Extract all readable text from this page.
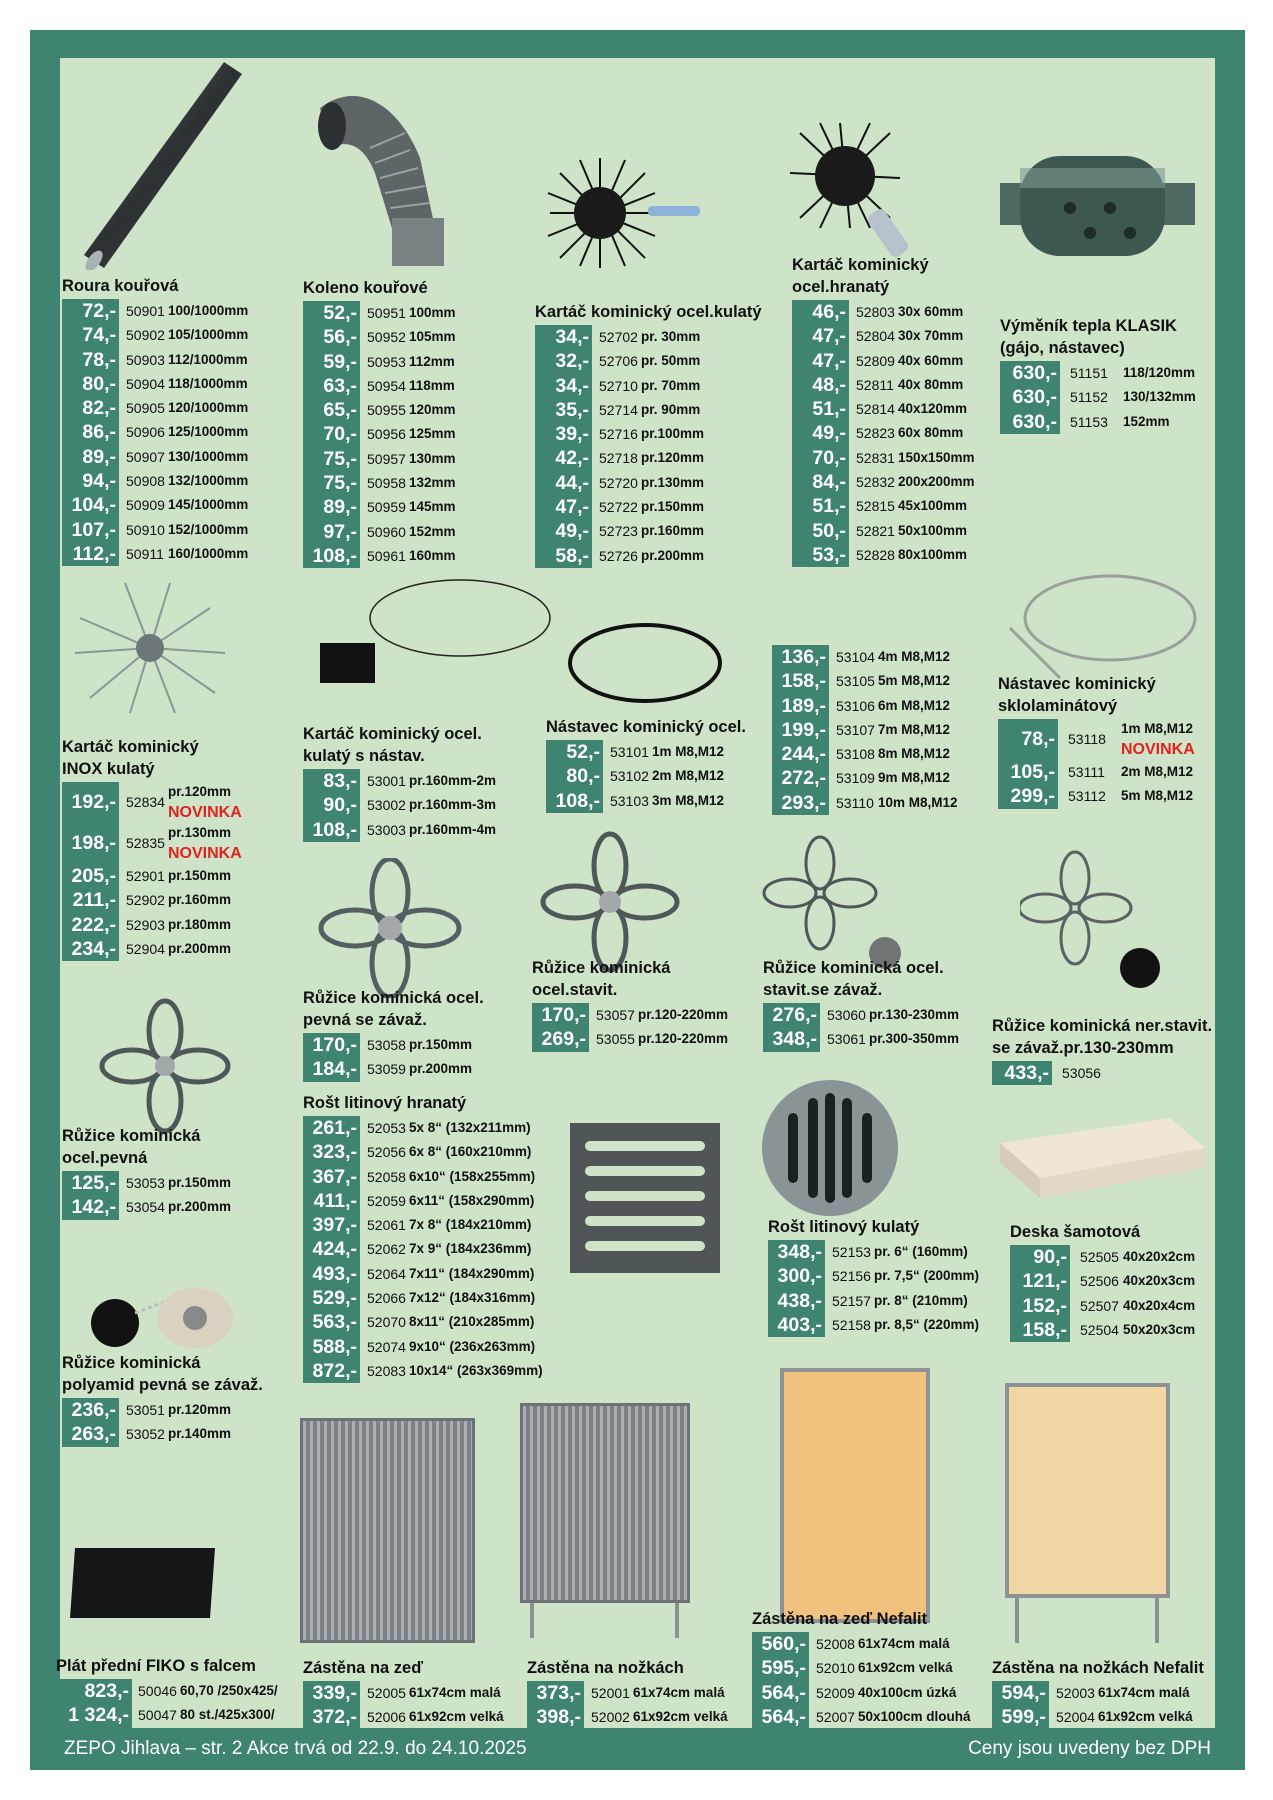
Roura kouřová
72,- 50901 100/1000mm
74,- 50902 105/1000mm
78,- 50903 112/1000mm
80,- 50904 118/1000mm
82,- 50905 120/1000mm
86,- 50906 125/1000mm
89,- 50907 130/1000mm
94,- 50908 132/1000mm
104,- 50909 145/1000mm
107,- 50910 152/1000mm
112,- 50911 160/1000mm
Koleno kouřové
52,- 50951 100mm
56,- 50952 105mm
59,- 50953 112mm
63,- 50954 118mm
65,- 50955 120mm
70,- 50956 125mm
75,- 50957 130mm
75,- 50958 132mm
89,- 50959 145mm
97,- 50960 152mm
108,- 50961 160mm
Kartáč kominický ocel.kulatý
34,- 52702 pr. 30mm
32,- 52706 pr. 50mm
34,- 52710 pr. 70mm
35,- 52714 pr. 90mm
39,- 52716 pr.100mm
42,- 52718 pr.120mm
44,- 52720 pr.130mm
47,- 52722 pr.150mm
49,- 52723 pr.160mm
58,- 52726 pr.200mm
Kartáč kominický
ocel.hranatý
46,- 52803 30x 60mm
47,- 52804 30x 70mm
47,- 52809 40x 60mm
48,- 52811 40x 80mm
51,- 52814 40x120mm
49,- 52823 60x 80mm
70,- 52831 150x150mm
84,- 52832 200x200mm
51,- 52815 45x100mm
50,- 52821 50x100mm
53,- 52828 80x100mm
Výměník tepla KLASIK
(gájo, nástavec)
630,- 51151 118/120mm
630,- 51152 130/132mm
630,- 51153 152mm
Kartáč kominický
INOX kulatý
192,- 52834
pr.120mm
NOVINKA
198,- 52835
pr.130mm
NOVINKA
205,- 52901 pr.150mm
211,- 52902 pr.160mm
222,- 52903 pr.180mm
234,- 52904 pr.200mm
Kartáč kominický ocel.
kulatý s nástav.
83,- 53001 pr.160mm-2m
90,- 53002 pr.160mm-3m
108,- 53003 pr.160mm-4m
Nástavec kominický ocel.
52,- 53101 1m M8,M12
80,- 53102 2m M8,M12
108,- 53103 3m M8,M12
136,- 53104 4m M8,M12
158,- 53105 5m M8,M12
189,- 53106 6m M8,M12
199,- 53107 7m M8,M12
244,- 53108 8m M8,M12
272,- 53109 9m M8,M12
293,- 53110 10m M8,M12
Nástavec kominický
sklolaminátový
78,- 53118
1m M8,M12
NOVINKA
105,- 53111 2m M8,M12
299,- 53112 5m M8,M12
Růžice kominická ocel.
pevná se závaž.
170,- 53058 pr.150mm
184,- 53059 pr.200mm
Růžice kominická
ocel.stavit.
170,- 53057 pr.120-220mm
269,- 53055 pr.120-220mm
Růžice kominická ocel.
stavit.se závaž.
276,- 53060 pr.130-230mm
348,- 53061 pr.300-350mm
Růžice kominická ner.stavit.
se závaž.pr.130-230mm
433,- 53056
Růžice kominická
ocel.pevná
125,- 53053 pr.150mm
142,- 53054 pr.200mm
Rošt litinový hranatý
261,- 52053 5x 8“ (132x211mm)
323,- 52056 6x 8“ (160x210mm)
367,- 52058 6x10“ (158x255mm)
411,- 52059 6x11“ (158x290mm)
397,- 52061 7x 8“ (184x210mm)
424,- 52062 7x 9“ (184x236mm)
493,- 52064 7x11“ (184x290mm)
529,- 52066 7x12“ (184x316mm)
563,- 52070 8x11“ (210x285mm)
588,- 52074 9x10“ (236x263mm)
872,- 52083 10x14“ (263x369mm)
Rošt litinový kulatý
348,- 52153 pr. 6“ (160mm)
300,- 52156 pr. 7,5“ (200mm)
438,- 52157 pr. 8“ (210mm)
403,- 52158 pr. 8,5“ (220mm)
Deska šamotová
90,- 52505 40x20x2cm
121,- 52506 40x20x3cm
152,- 52507 40x20x4cm
158,- 52504 50x20x3cm
Růžice kominická
polyamid pevná se závaž.
236,- 53051 pr.120mm
263,- 53052 pr.140mm
Plát přední FIKO s falcem
823,- 50046 60,70 /250x425/
1 324,- 50047 80 st./425x300/
Zástěna na zeď
339,- 52005 61x74cm malá
372,- 52006 61x92cm velká
Zástěna na nožkách
373,- 52001 61x74cm malá
398,- 52002 61x92cm velká
Zástěna na zeď Nefalit
560,- 52008 61x74cm malá
595,- 52010 61x92cm velká
564,- 52009 40x100cm úzká
564,- 52007 50x100cm dlouhá
Zástěna na nožkách Nefalit
594,- 52003 61x74cm malá
599,- 52004 61x92cm velká
ZEPO Jihlava – str. 2 Akce trvá od 22.9. do 24.10.2025	Ceny jsou uvedeny bez DPH
